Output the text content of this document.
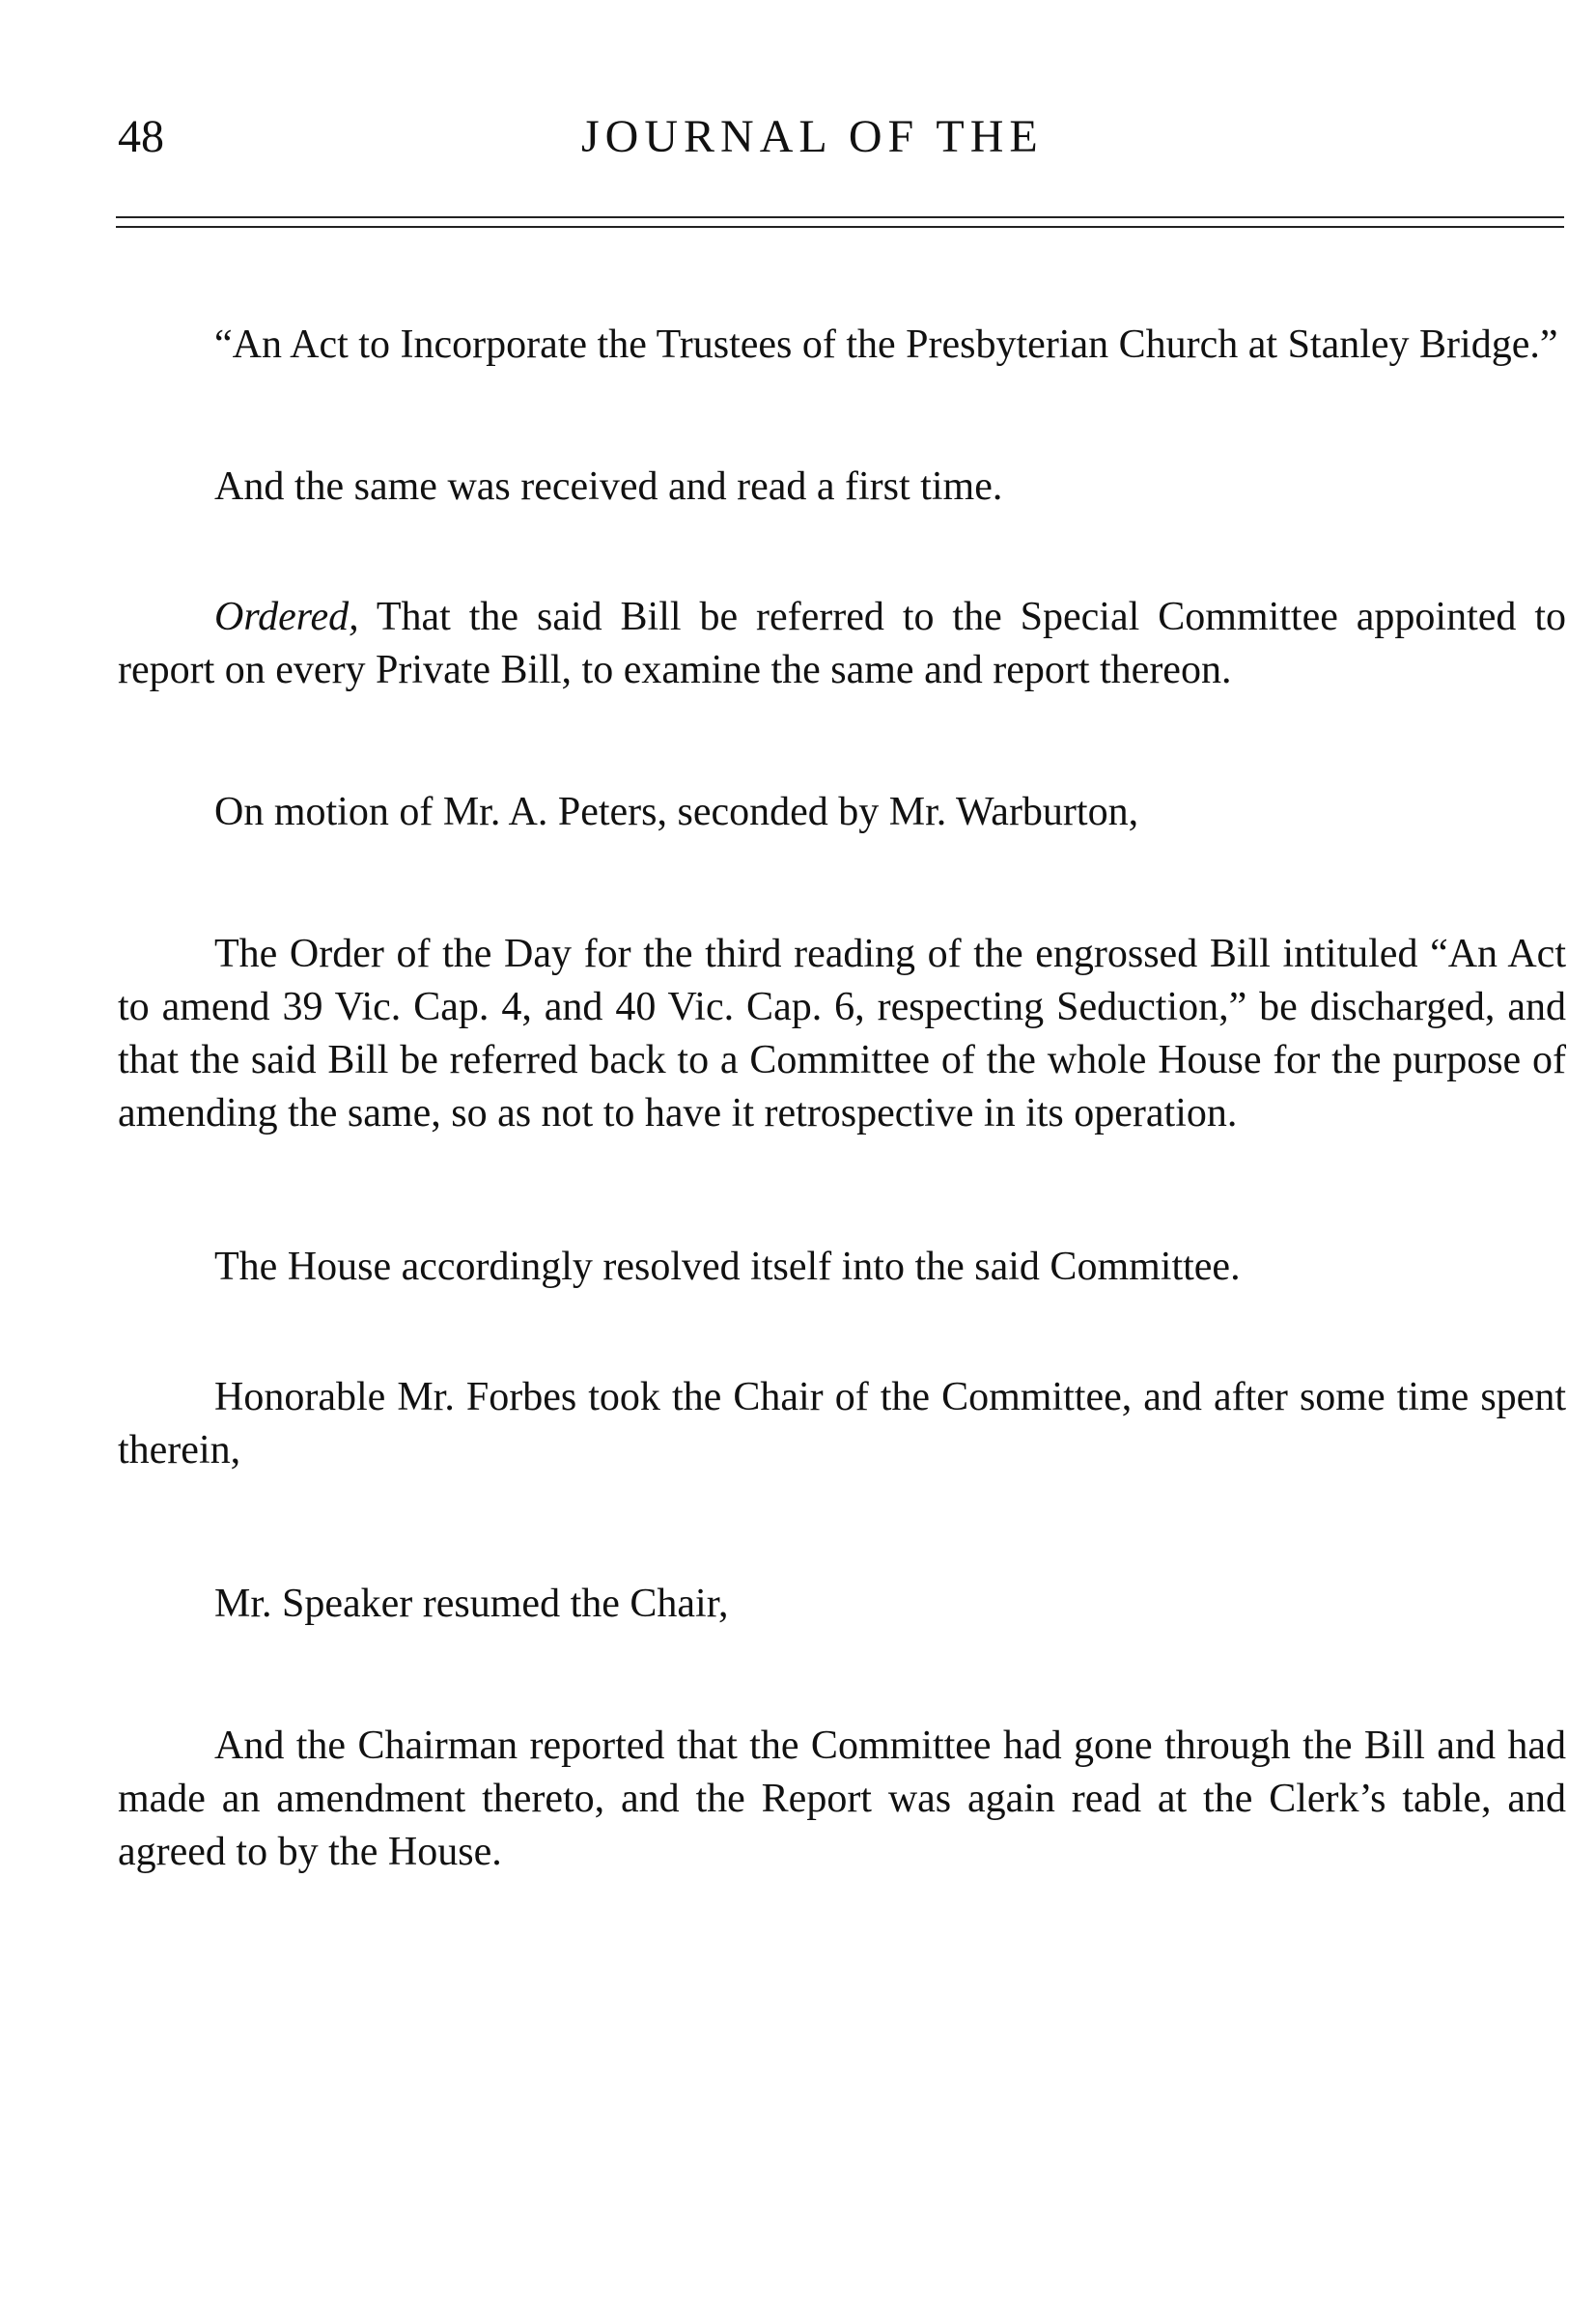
48	JOURNAL OF THE

“An Act to Incorporate the Trustees of the Presbyterian Church at Stanley Bridge.”

And the same was received and read a first time.

Ordered, That the said Bill be referred to the Special Committee appointed to report on every Private Bill, to examine the same and report thereon.

On motion of Mr. A. Peters, seconded by Mr. Warburton,

The Order of the Day for the third reading of the engrossed Bill intituled “An Act to amend 39 Vic. Cap. 4, and 40 Vic. Cap. 6, respecting Seduction,” be discharged, and that the said Bill be referred back to a Committee of the whole House for the purpose of amending the same, so as not to have it retrospective in its operation.

The House accordingly resolved itself into the said Committee.

Honorable Mr. Forbes took the Chair of the Committee, and after some time spent therein,

Mr. Speaker resumed the Chair,

And the Chairman reported that the Committee had gone through the Bill and had made an amendment thereto, and the Report was again read at the Clerk’s table, and agreed to by the House.
